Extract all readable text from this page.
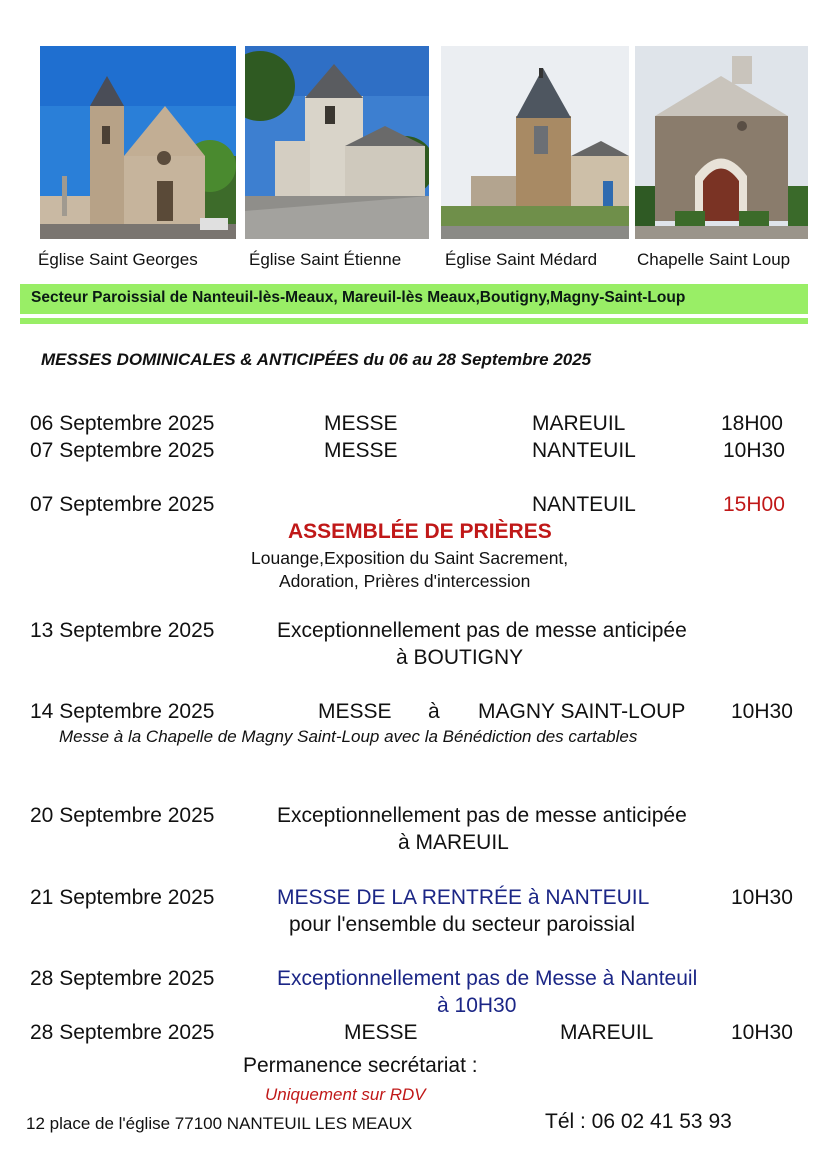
Église Saint Georges	Église Saint Étienne	Église Saint Médard Chapelle Saint Loup
Secteur Paroissial de Nanteuil-lès-Meaux, Mareuil-lès Meaux,Boutigny,Magny-Saint-Loup
MESSES DOMINICALES & ANTICIPÉES du 06 au 28 Septembre 2025
06 Septembre 2025	MESSE	MAREUIL	18H00
07 Septembre 2025	MESSE	NANTEUIL	10H30
07 Septembre 2025	NANTEUIL	15H00
ASSEMBLÉE DE PRIÈRES
Louange,Exposition du Saint Sacrement,
Adoration, Prières d'intercession
13 Septembre 2025	Exceptionnellement pas de messe anticipée
à BOUTIGNY
14 Septembre 2025	MESSE à MAGNY SAINT-LOUP 10H30
Messe à la Chapelle de Magny Saint-Loup avec la Bénédiction des cartables
20 Septembre 2025	Exceptionnellement pas de messe anticipée
à MAREUIL
21 Septembre 2025	MESSE DE LA RENTRÉE à NANTEUIL	10H30
pour l'ensemble du secteur paroissial
28 Septembre 2025	Exceptionnellement pas de Messe à Nanteuil
à 10H30
28 Septembre 2025	MESSE	MAREUIL	10H30
Permanence secrétariat :
Uniquement sur RDV
12 place de l'église 77100 NANTEUIL LES MEAUX	Tél : 06 02 41 53 93
